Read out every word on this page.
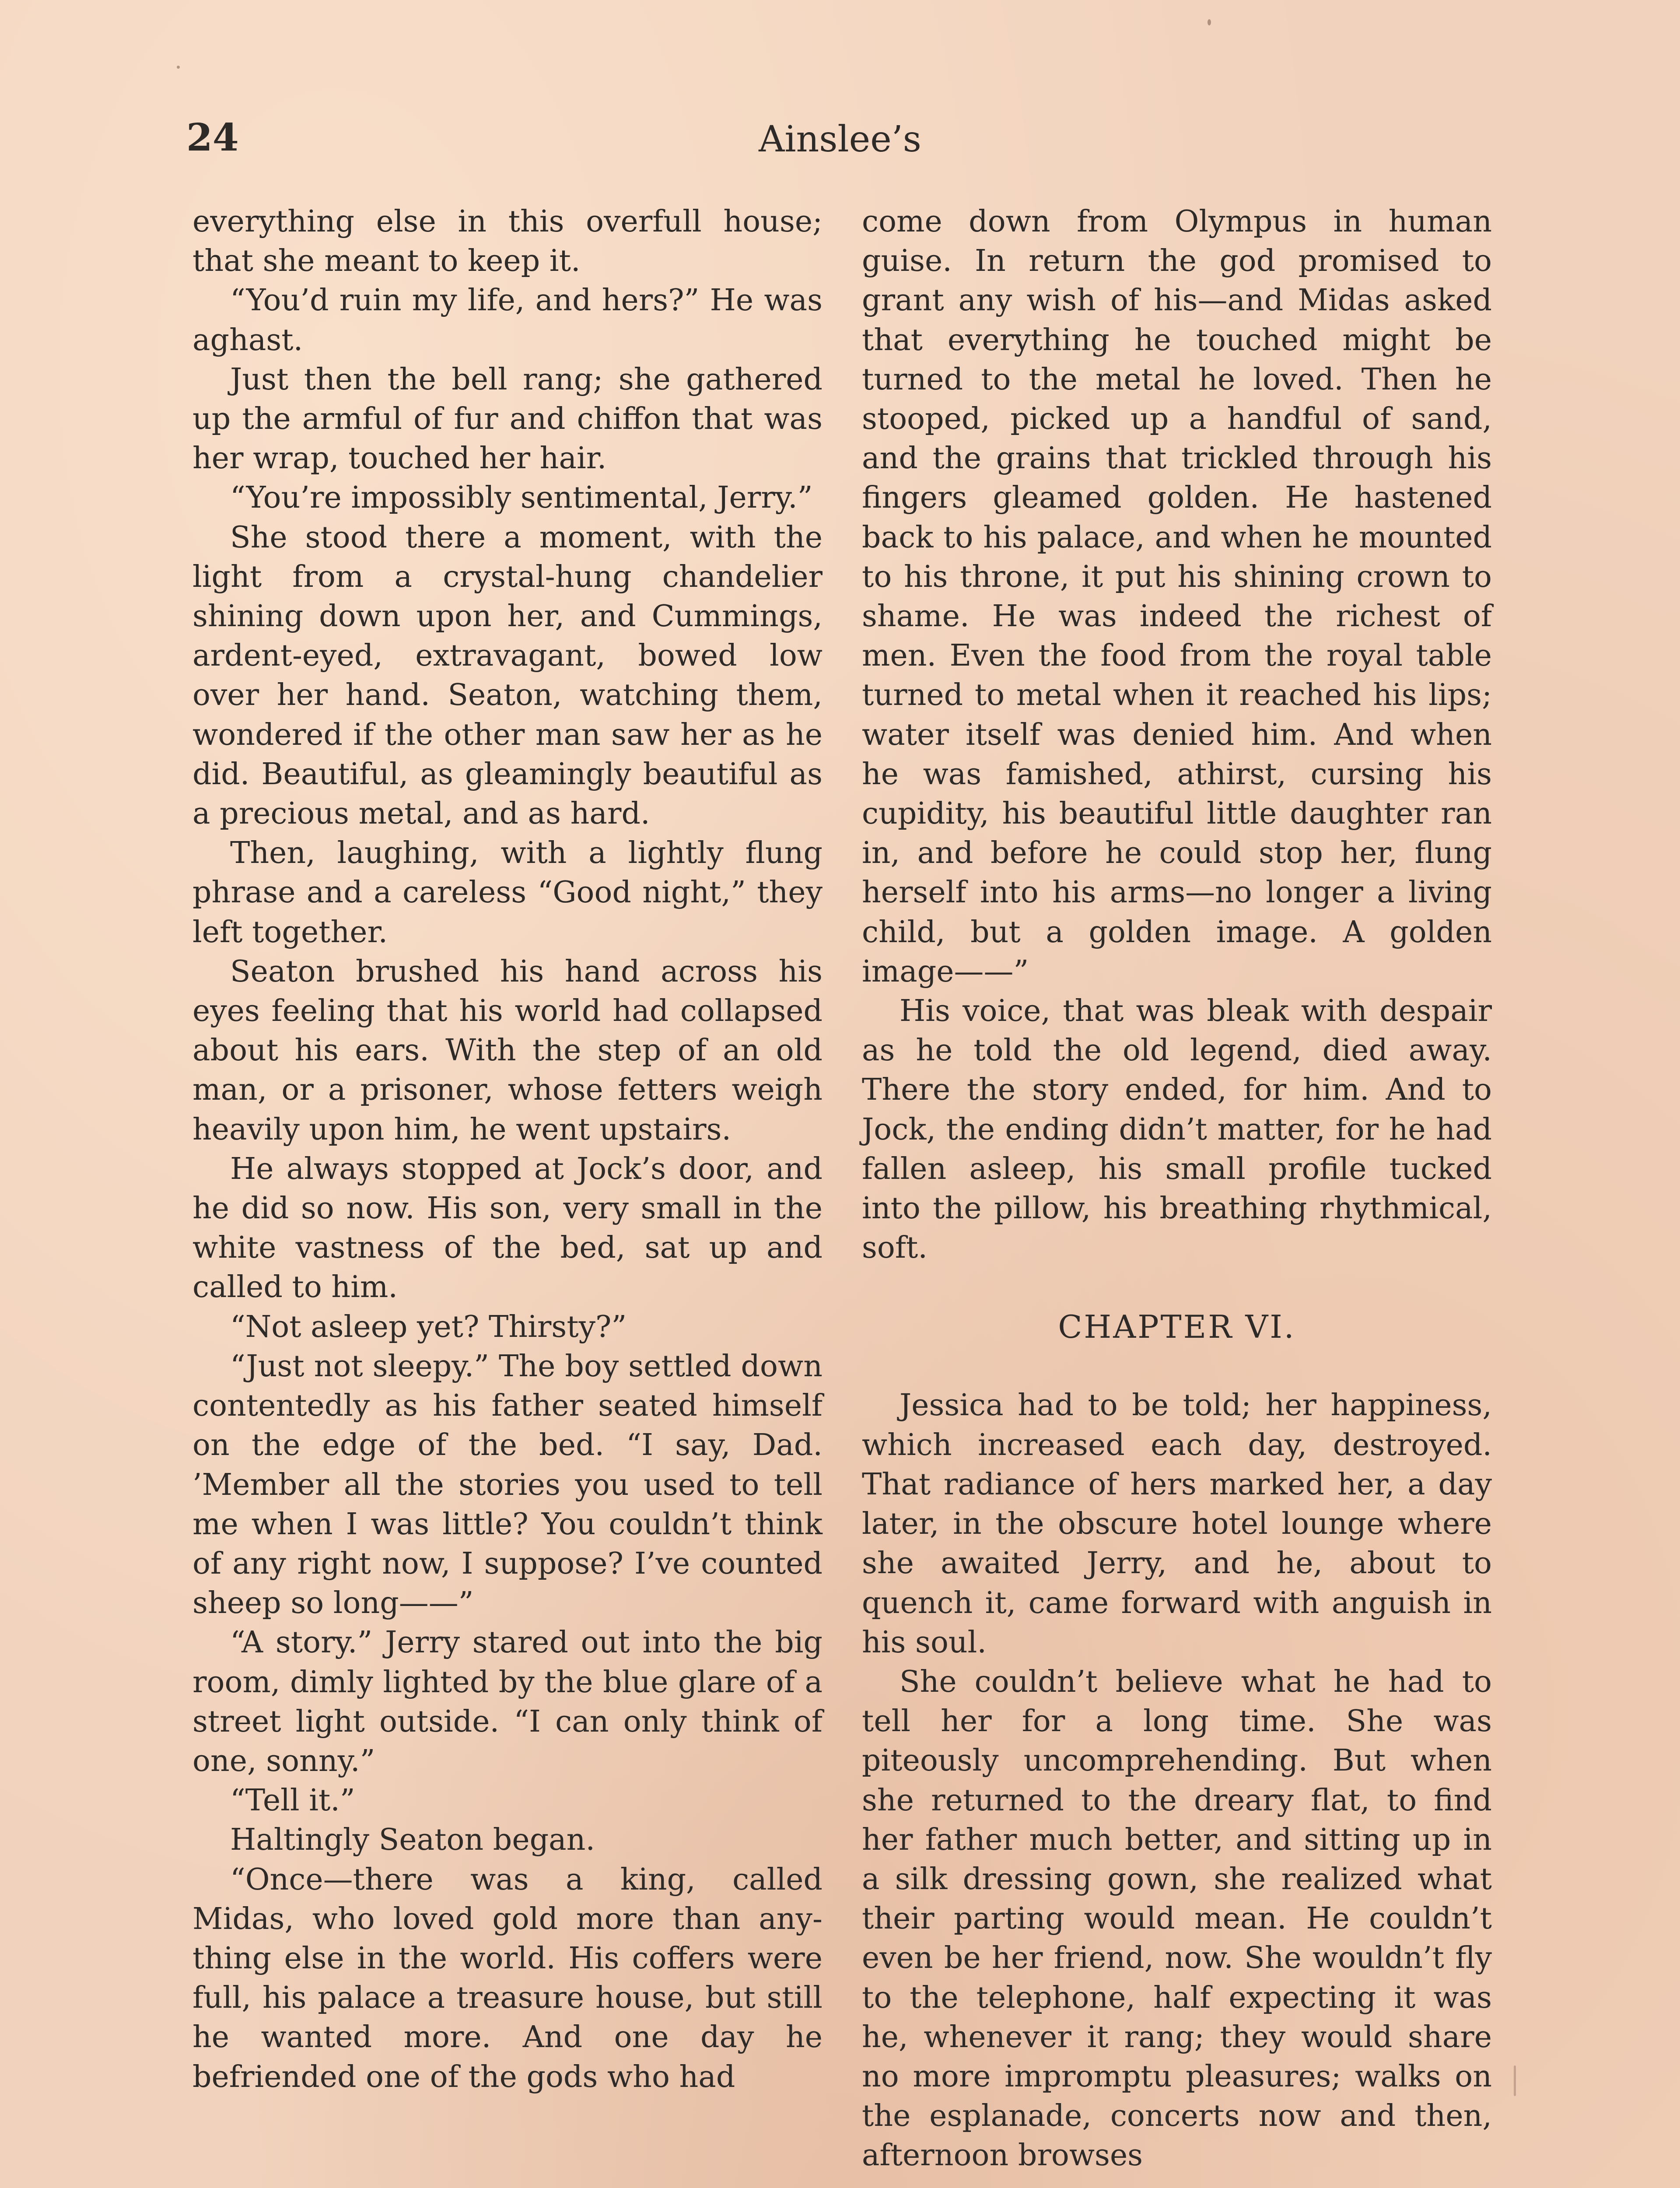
24	Ainslee’s

everything else in this overfull house; that she meant to keep it.

“You’d ruin my life, and hers?” He was aghast.

Just then the bell rang; she gathered up the armful of fur and chiffon that was her wrap, touched her hair.

“You’re impossibly sentimental, Jerry.”

She stood there a moment, with the light from a crystal-hung chandelier shining down upon her, and Cummings, ardent-eyed, extravagant, bowed low over her hand. Seaton, watching them, wondered if the other man saw her as he did. Beautiful, as gleamingly beautiful as a precious metal, and as hard.

Then, laughing, with a lightly flung phrase and a careless “Good night,” they left together.

Seaton brushed his hand across his eyes feeling that his world had collapsed about his ears. With the step of an old man, or a prisoner, whose fetters weigh heavily upon him, he went upstairs.

He always stopped at Jock’s door, and he did so now. His son, very small in the white vastness of the bed, sat up and called to him.

“Not asleep yet? Thirsty?”

“Just not sleepy.” The boy settled down contentedly as his father seated himself on the edge of the bed. “I say, Dad. ’Member all the stories you used to tell me when I was little? You couldn’t think of any right now, I suppose? I’ve counted sheep so long——”

“A story.” Jerry stared out into the big room, dimly lighted by the blue glare of a street light outside. “I can only think of one, sonny.”

“Tell it.”

Haltingly Seaton began.

“Once—there was a king, called Midas, who loved gold more than anything else in the world. His coffers were full, his palace a treasure house, but still he wanted more. And one day he befriended one of the gods who had

come down from Olympus in human guise. In return the god promised to grant any wish of his—and Midas asked that everything he touched might be turned to the metal he loved. Then he stooped, picked up a handful of sand, and the grains that trickled through his fingers gleamed golden. He hastened back to his palace, and when he mounted to his throne, it put his shining crown to shame. He was indeed the richest of men. Even the food from the royal table turned to metal when it reached his lips; water itself was denied him. And when he was famished, athirst, cursing his cupidity, his beautiful little daughter ran in, and before he could stop her, flung herself into his arms—no longer a living child, but a golden image. A golden image——”

His voice, that was bleak with despair as he told the old legend, died away. There the story ended, for him. And to Jock, the ending didn’t matter, for he had fallen asleep, his small profile tucked into the pillow, his breathing rhythmical, soft.

CHAPTER VI.

Jessica had to be told; her happiness, which increased each day, destroyed. That radiance of hers marked her, a day later, in the obscure hotel lounge where she awaited Jerry, and he, about to quench it, came forward with anguish in his soul.

She couldn’t believe what he had to tell her for a long time. She was piteously uncomprehending. But when she returned to the dreary flat, to find her father much better, and sitting up in a silk dressing gown, she realized what their parting would mean. He couldn’t even be her friend, now. She wouldn’t fly to the telephone, half expecting it was he, whenever it rang; they would share no more impromptu pleasures; walks on the esplanade, concerts now and then, afternoon browses
